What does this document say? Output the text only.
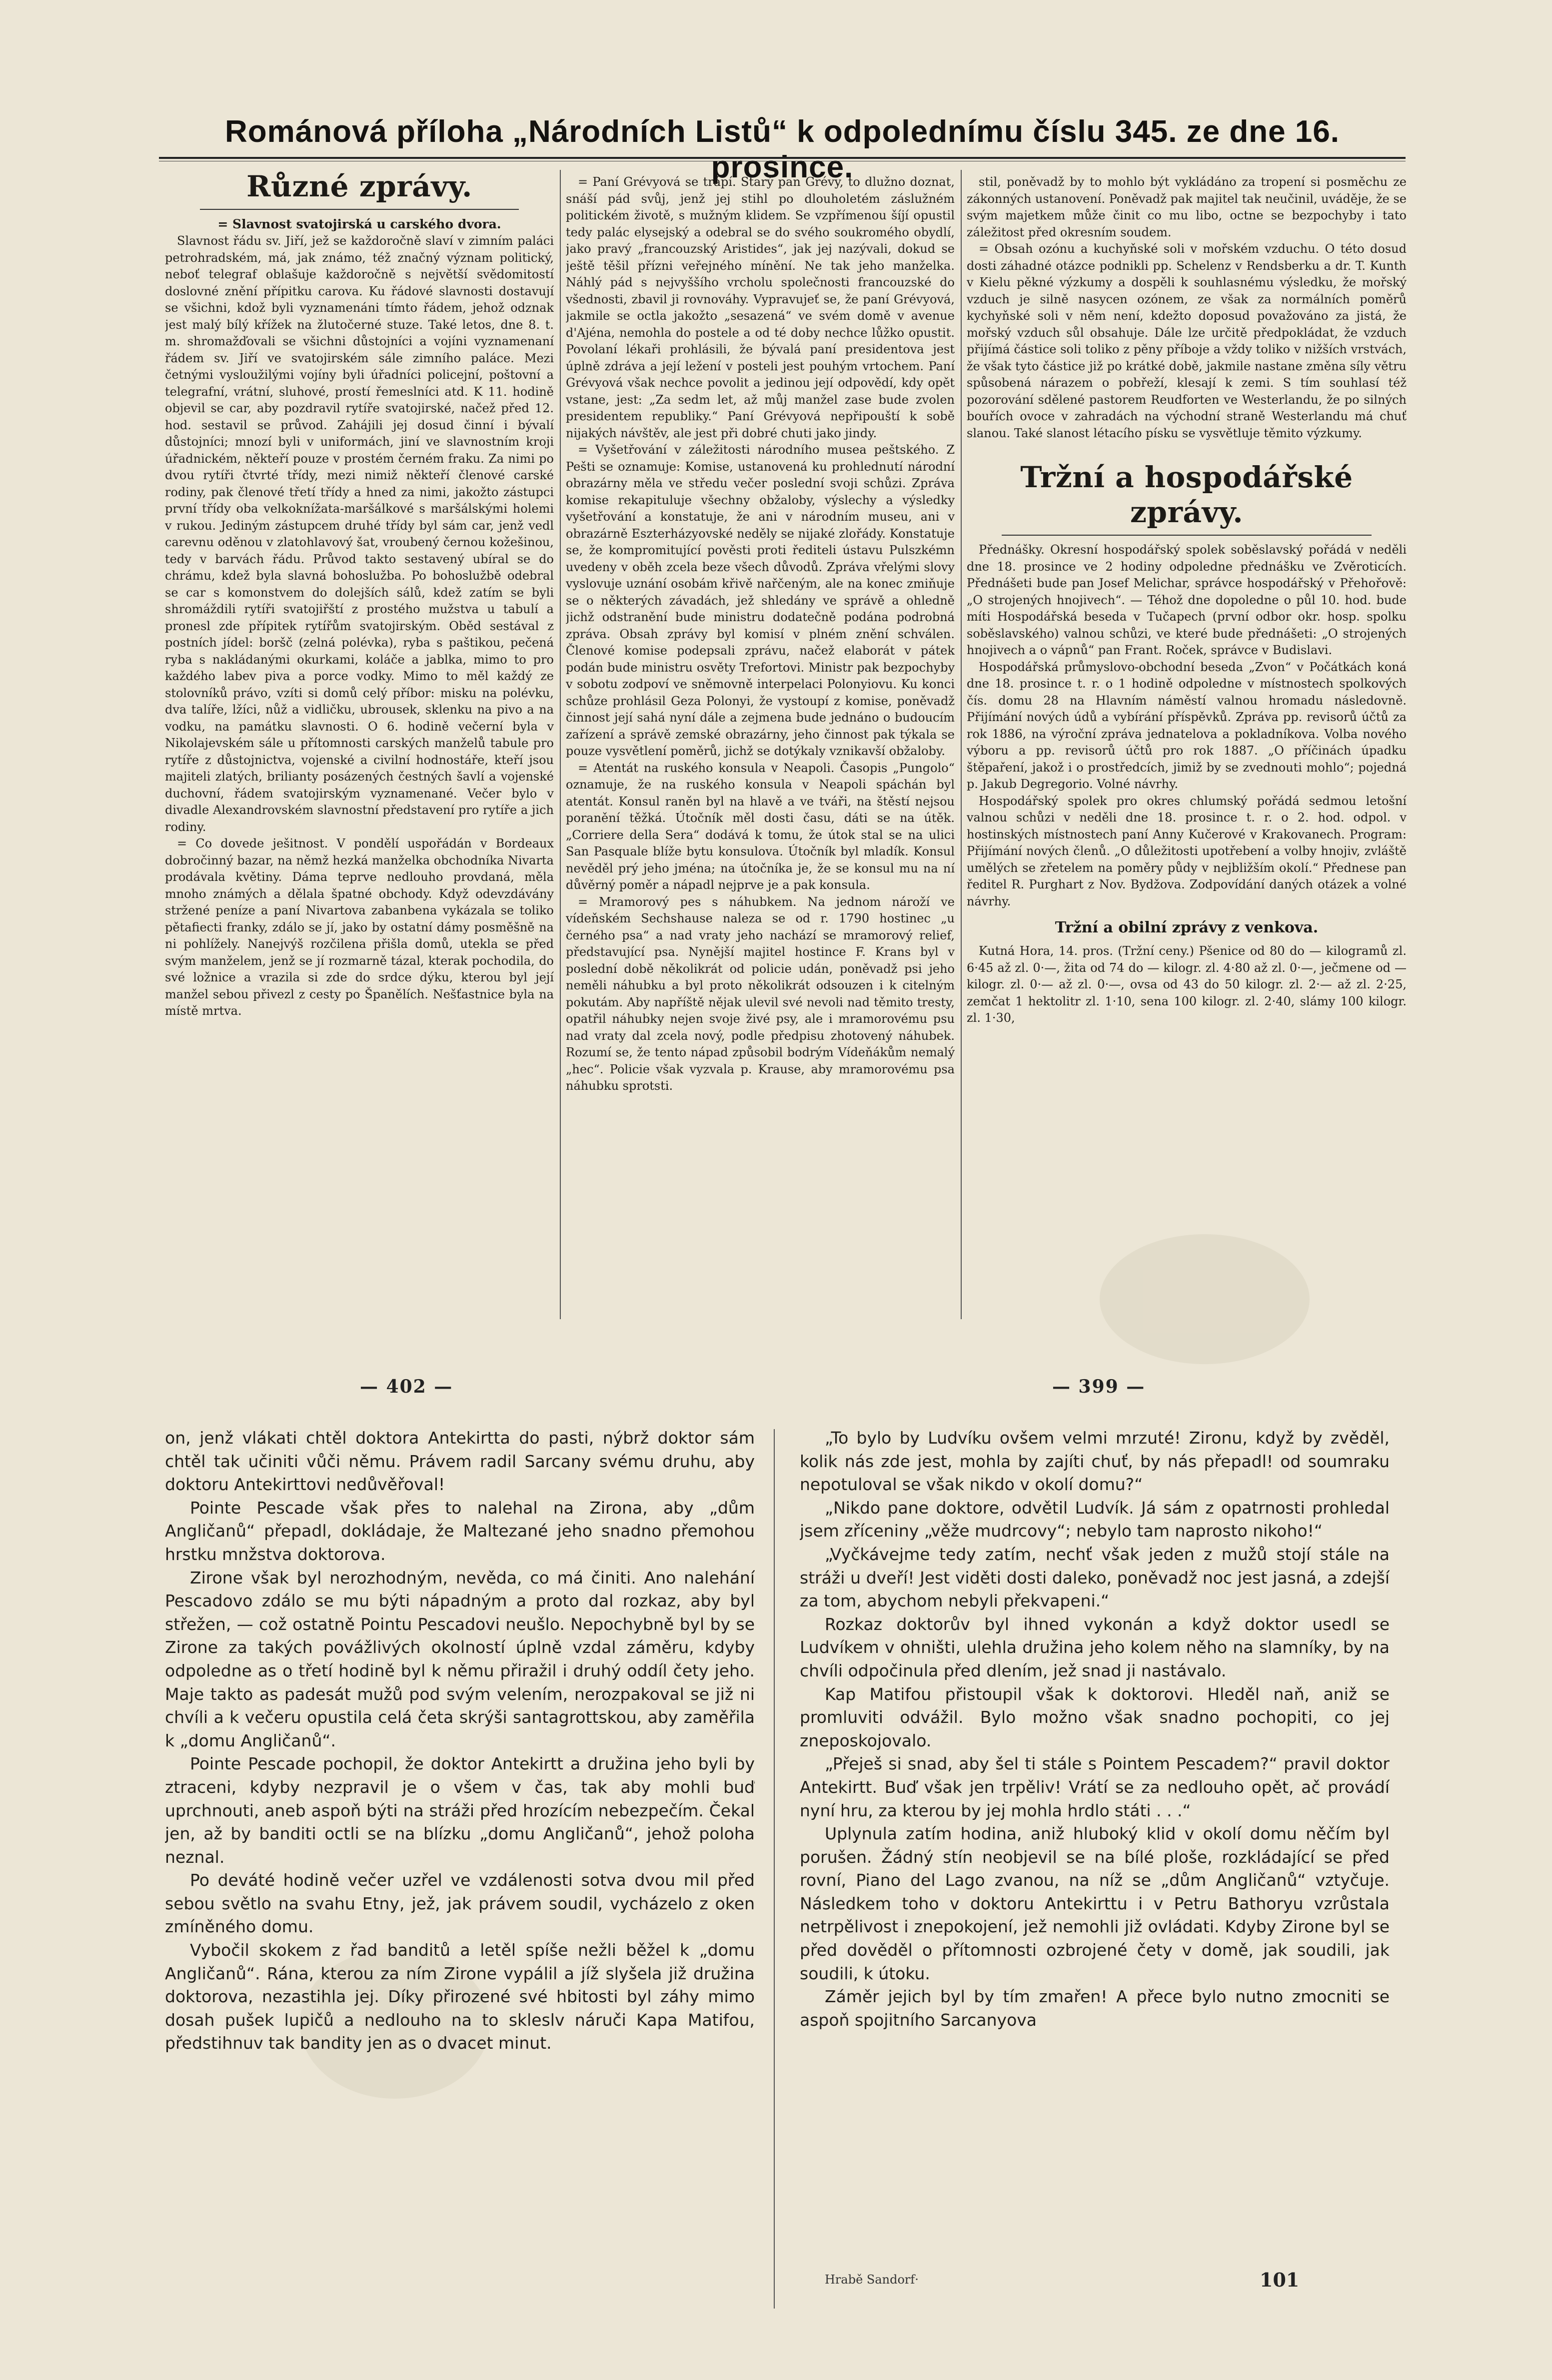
Románová příloha „Národních Listů“ k odpolednímu číslu 345. ze dne 16. prosince.
Různé zprávy.
= Slavnost svatojirská u carského dvora.

Slavnost řádu sv. Jiří, jež se každoročně slaví v zimním paláci petrohradském, má, jak známo, též značný význam politický, neboť telegraf oblašuje každoročně s největší svědomitostí doslovné znění přípitku carova. Ku řádové slavnosti dostavují se všichni, kdož byli vyznamenáni tímto řádem, jehož odznak jest malý bílý křížek na žlutočerné stuze. Také letos, dne 8. t. m. shromažďovali se všichni důstojníci a vojíni vyznamenaní řádem sv. Jiří ve svatojirském sále zimního paláce. Mezi četnými vysloužilými vojíny byli úřadníci policejní, poštovní a telegrafní, vrátní, sluhové, prostí řemeslníci atd. K 11. hodině objevil se car, aby pozdravil rytíře svatojirské, načež před 12. hod. sestavil se průvod. Zahájili jej dosud činní i bývalí důstojníci; mnozí byli v uniformách, jiní ve slavnostním kroji úřadnickém, někteří pouze v prostém černém fraku. Za nimi po dvou rytíři čtvrté třídy, mezi nimiž někteří členové carské rodiny, pak členové třetí třídy a hned za nimi, jakožto zástupci první třídy oba velkoknížata-maršálkové s maršálskými holemi v rukou. Jediným zástupcem druhé třídy byl sám car, jenž vedl carevnu oděnou v zlatohlavový šat, vroubený černou kožešinou, tedy v barvách řádu. Průvod takto sestavený ubíral se do chrámu, kdež byla slavná bohoslužba. Po bohoslužbě odebral se car s komonstvem do dolejších sálů, kdež zatím se byli shromáždili rytíři svatojiřští z prostého mužstva u tabulí a pronesl zde přípitek rytířům svatojirským. Oběd sestával z postních jídel: boršč (zelná polévka), ryba s paštikou, pečená ryba s nakládanými okurkami, koláče a jablka, mimo to pro každého labev piva a porce vodky. Mimo to měl každý ze stolovníků právo, vzíti si domů celý příbor: misku na polévku, dva talíře, lžíci, nůž a vidličku, ubrousek, sklenku na pivo a na vodku, na památku slavnosti. O 6. hodině večerní byla v Nikolajevském sále u přítomnosti carských manželů tabule pro rytíře z důstojnictva, vojenské a civilní hodnostáře, kteří jsou majiteli zlatých, brilianty posázených čestných šavlí a vojenské duchovní, řádem svatojirským vyznamenané. Večer bylo v divadle Alexandrovském slavnostní představení pro rytíře a jich rodiny.

= Co dovede ješitnost. V pondělí uspořádán v Bordeaux dobročinný bazar, na němž hezká manželka obchodníka Nivarta prodávala květiny. Dáma teprve nedlouho provdaná, měla mnoho známých a dělala špatné obchody. Když odevzdávány stržené peníze a paní Nivartova zabanbena vykázala se toliko pětafiecti franky, zdálo se jí, jako by ostatní dámy posměšně na ni pohlížely. Nanejvýš rozčilena přišla domů, utekla se před svým manželem, jenž se jí rozmarně tázal, kterak pochodila, do své ložnice a vrazila si zde do srdce dýku, kterou byl její manžel sebou přivezl z cesty po Španělích. Nešťastnice byla na místě mrtva.

= Paní Grévyová se trápí. Starý pan Grévy, to dlužno doznat, snáší pád svůj, jenž jej stihl po dlouholetém záslužném politickém životě, s mužným klidem. Se vzpřímenou šíjí opustil tedy palác elysejský a odebral se do svého soukromého obydlí, jako pravý „francouzský Aristides“, jak jej nazývali, dokud se ještě těšil přízni veřejného mínění. Ne tak jeho manželka. Náhlý pád s nejvyššího vrcholu společnosti francouzské do všednosti, zbavil ji rovnováhy. Vypravujeť se, že paní Grévyová, jakmile se octla jakožto „sesazená“ ve svém domě v avenue d'Ajéna, nemohla do postele a od té doby nechce lůžko opustit. Povolaní lékaři prohlásili, že bývalá paní presidentova jest úplně zdráva a její ležení v posteli jest pouhým vrtochem. Paní Grévyová však nechce povolit a jedinou její odpovědí, kdy opět vstane, jest: „Za sedm let, až můj manžel zase bude zvolen presidentem republiky.“ Paní Grévyová nepřipouští k sobě nijakých návštěv, ale jest při dobré chuti jako jindy.

= Vyšetřování v záležitosti národního musea peštského. Z Pešti se oznamuje: Komise, ustanovená ku prohlednutí národní obrazárny měla ve středu večer poslední svoji schůzi. Zpráva komise rekapituluje všechny obžaloby, výslechy a výsledky vyšetřování a konstatuje, že ani v národním museu, ani v obrazárně Eszterházyovské neděly se nijaké zlořády. Konstatuje se, že kompromitující pověsti proti řediteli ústavu Pulszkémn uvedeny v oběh zcela beze všech důvodů. Zpráva vřelými slovy vyslovuje uznání osobám křivě nařčeným, ale na konec zmiňuje se o některých závadách, jež shledány ve správě a ohledně jichž odstranění bude ministru dodatečně podána podrobná zpráva. Obsah zprávy byl komisí v plném znění schválen. Členové komise podepsali zprávu, načež elaborát v pátek podán bude ministru osvěty Trefortovi. Ministr pak bezpochyby v sobotu zodpoví ve sněmovně interpelaci Polonyiovu. Ku konci schůze prohlásil Geza Polonyi, že vystoupí z komise, poněvadž činnost její sahá nyní dále a zejmena bude jednáno o budoucím zařízení a správě zemské obrazárny, jeho činnost pak týkala se pouze vysvětlení poměrů, jichž se dotýkaly vznikavší obžaloby.

= Atentát na ruského konsula v Neapoli. Časopis „Pungolo“ oznamuje, že na ruského konsula v Neapoli spáchán byl atentát. Konsul raněn byl na hlavě a ve tváři, na štěstí nejsou poranění těžká. Útočník měl dosti času, dáti se na útěk. „Corriere della Sera“ dodává k tomu, že útok stal se na ulici San Pasquale blíže bytu konsulova. Útočník byl mladík. Konsul nevěděl prý jeho jména; na útočníka je, že se konsul mu na ní důvěrný poměr a nápadl nejprve je a pak konsula.

= Mramorový pes s náhubkem. Na jednom nároží ve vídeňském Sechshause naleza se od r. 1790 hostinec „u černého psa“ a nad vraty jeho nachází se mramorový relief, představující psa. Nynější majitel hostince F. Krans byl v poslední době několikrát od policie udán, poněvadž psi jeho neměli náhubku a byl proto několikrát odsouzen i k citelným pokutám. Aby napříště nějak ulevil své nevoli nad těmito tresty, opatřil náhubky nejen svoje živé psy, ale i mramorovému psu nad vraty dal zcela nový, podle předpisu zhotovený náhubek. Rozumí se, že tento nápad způsobil bodrým Vídeňákům nemalý „hec“. Policie však vyzvala p. Krause, aby mramorovému psa náhubku sprotsti.

stil, poněvadž by to mohlo být vykládáno za tropení si posměchu ze zákonných ustanovení. Poněvadž pak majitel tak neučinil, uváděje, že se svým majetkem může činit co mu libo, octne se bezpochyby i tato záležitost před okresním soudem.

= Obsah ozónu a kuchyňské soli v mořském vzduchu. O této dosud dosti záhadné otázce podnikli pp. Schelenz v Rendsberku a dr. T. Kunth v Kielu pěkné výzkumy a dospěli k souhlasnému výsledku, že mořský vzduch je silně nasycen ozónem, ze však za normálních poměrů kychyňské soli v něm není, kdežto doposud považováno za jistá, že mořský vzduch sůl obsahuje. Dále lze určitě předpokládat, že vzduch přijímá částice soli toliko z pěny příboje a vždy toliko v nižších vrstvách, že však tyto částice již po krátké době, jakmile nastane změna síly větru spůsobená nárazem o pobřeží, klesají k zemi. S tím souhlasí též pozorování sdělené pastorem Reudforten ve Westerlandu, že po silných bouřích ovoce v zahradách na východní straně Westerlandu má chuť slanou. Také slanost létacího písku se vysvětluje těmito výzkumy.

Tržní a hospodářské zprávy.

Přednášky. Okresní hospodářský spolek soběslavský pořádá v neděli dne 18. prosince ve 2 hodiny odpoledne přednášku ve Zvěroticích. Přednášeti bude pan Josef Melichar, správce hospodářský v Přehořově: „O strojených hnojivech“. — Téhož dne dopoledne o půl 10. hod. bude míti Hospodářská beseda v Tučapech (první odbor okr. hosp. spolku soběslavského) valnou schůzi, ve které bude přednášeti: „O strojených hnojivech a o vápnů“ pan Frant. Roček, správce v Budislavi.

Hospodářská průmyslovo-obchodní beseda „Zvon“ v Počátkách koná dne 18. prosince t. r. o 1 hodině odpoledne v místnostech spolkových čís. domu 28 na Hlavním náměstí valnou hromadu následovně. Přijímání nových údů a vybírání příspěvků. Zpráva pp. revisorů účtů za rok 1886, na výroční zpráva jednatelova a pokladníkova. Volba nového výboru a pp. revisorů účtů pro rok 1887. „O příčinách úpadku štěpaření, jakož i o prostředcích, jimiž by se zvednouti mohlo“; pojedná p. Jakub Degregorio. Volné návrhy.

Hospodářský spolek pro okres chlumský pořádá sedmou letošní valnou schůzi v neděli dne 18. prosince t. r. o 2. hod. odpol. v hostinských místnostech paní Anny Kučerové v Krakovanech. Program: Přijímání nových členů. „O důležitosti upotřebení a volby hnojiv, zvláště umělých se zřetelem na poměry půdy v nejbližším okolí.“ Přednese pan ředitel R. Purghart z Nov. Bydžova. Zodpovídání daných otázek a volné návrhy.

Tržní a obilní zprávy z venkova.

Kutná Hora, 14. pros. (Tržní ceny.) Pšenice od 80 do — kilogramů zl. 6·45 až zl. 0·—, žita od 74 do — kilogr. zl. 4·80 až zl. 0·—, ječmene od — kilogr. zl. 0·— až zl. 0·—, ovsa od 43 do 50 kilogr. zl. 2·— až zl. 2·25, zemčat 1 hektolitr zl. 1·10, sena 100 kilogr. zl. 2·40, slámy 100 kilogr. zl. 1·30,

— 402 —	— 399 —

on, jenž vlákati chtěl doktora Antekirtta do pasti, nýbrž doktor sám chtěl tak učiniti vůči němu. Právem radil Sarcany svému druhu, aby doktoru Antekirttovi nedůvěřoval!

Pointe Pescade však přes to nalehal na Zirona, aby „dům Angličanů“ přepadl, dokládaje, že Maltezané jeho snadno přemohou hrstku mnžstva doktorova.

Zirone však byl nerozhodným, nevěda, co má činiti. Ano nalehání Pescadovo zdálo se mu býti nápadným a proto dal rozkaz, aby byl střežen, — což ostatně Pointu Pescadovi neušlo. Nepochybně byl by se Zirone za takých povážlivých okolností úplně vzdal záměru, kdyby odpoledne as o třetí hodině byl k němu přiražil i druhý oddíl čety jeho. Maje takto as padesát mužů pod svým velením, nerozpakoval se již ni chvíli a k večeru opustila celá četa skrýši santagrottskou, aby zaměřila k „domu Angličanů“.

Pointe Pescade pochopil, že doktor Antekirtt a družina jeho byli by ztraceni, kdyby nezpravil je o všem v čas, tak aby mohli buď uprchnouti, aneb aspoň býti na stráži před hrozícím nebezpečím. Čekal jen, až by banditi octli se na blízku „domu Angličanů“, jehož poloha neznal.

Po deváté hodině večer uzřel ve vzdálenosti sotva dvou mil před sebou světlo na svahu Etny, jež, jak právem soudil, vycházelo z oken zmíněného domu.

Vybočil skokem z řad banditů a letěl spíše nežli běžel k „domu Angličanů“. Rána, kterou za ním Zirone vypálil a jíž slyšela již družina doktorova, nezastihla jej. Díky přirozené své hbitosti byl záhy mimo dosah pušek lupičů a nedlouho na to skleslv náruči Kapa Matifou, předstihnuv tak bandity jen as o dvacet minut.

„To bylo by Ludvíku ovšem velmi mrzuté! Zironu, když by zvěděl, kolik nás zde jest, mohla by zajíti chuť, by nás přepadl! od soumraku nepotuloval se však nikdo v okolí domu?“

„Nikdo pane doktore, odvětil Ludvík. Já sám z opatrnosti prohledal jsem zříceniny „věže mudrcovy“; nebylo tam naprosto nikoho!“

„Vyčkávejme tedy zatím, nechť však jeden z mužů stojí stále na stráži u dveří! Jest viděti dosti daleko, poněvadž noc jest jasná, a zdejší za tom, abychom nebyli překvapeni.“

Rozkaz doktorův byl ihned vykonán a když doktor usedl se Ludvíkem v ohništi, ulehla družina jeho kolem něho na slamníky, by na chvíli odpočinula před dlením, jež snad ji nastávalo.

Kap Matifou přistoupil však k doktorovi. Hleděl naň, aniž se promluviti odvážil. Bylo možno však snadno pochopiti, co jej zneposkojovalo.

„Přeješ si snad, aby šel ti stále s Pointem Pescadem?“ pravil doktor Antekirtt. Buď však jen trpěliv! Vrátí se za nedlouho opět, ač provádí nyní hru, za kterou by jej mohla hrdlo státi . . .“

Uplynula zatím hodina, aniž hluboký klid v okolí domu něčím byl porušen. Žádný stín neobjevil se na bílé ploše, rozkládající se před rovní, Piano del Lago zvanou, na níž se „dům Angličanů“ vztyčuje. Následkem toho v doktoru Antekirttu i v Petru Bathoryu vzrůstala netrpělivost i znepokojení, jež nemohli již ovládati. Kdyby Zirone byl se před dověděl o přítomnosti ozbrojené čety v domě, jak soudili, jak soudili, k útoku.

Záměr jejich byl by tím zmařen! A přece bylo nutno zmocniti se aspoň spojitního Sarcanyova

Hrabě Sandorf·	101
